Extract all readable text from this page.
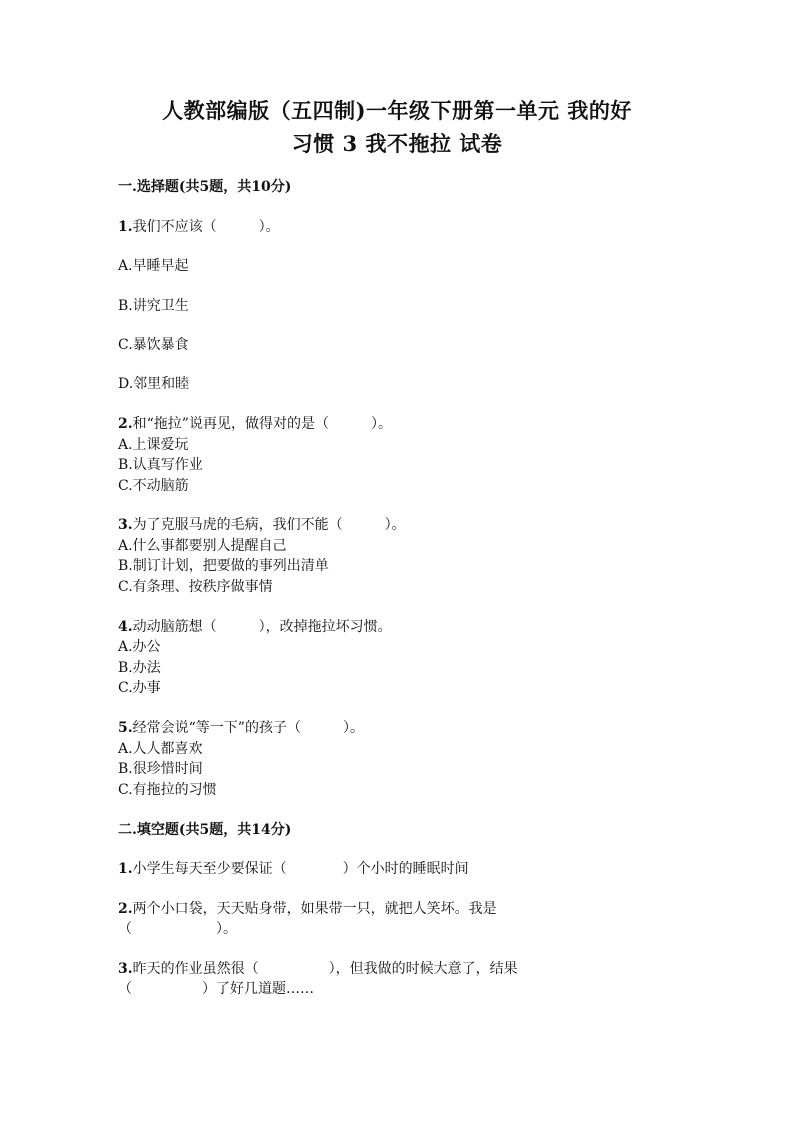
人教部编版（五四制)一年级下册第一单元 我的好
习惯 3 我不拖拉 试卷
一.选择题(共5题，共10分)
1.我们不应该（　　　）。
A.早睡早起
B.讲究卫生
C.暴饮暴食
D.邻里和睦
2.和“拖拉”说再见，做得对的是（　　　）。
A.上课爱玩
B.认真写作业
C.不动脑筋
3.为了克服马虎的毛病，我们不能（　　　）。
A.什么事都要别人提醒自己
B.制订计划，把要做的事列出清单
C.有条理、按秩序做事情
4.动动脑筋想（　　　），改掉拖拉坏习惯。
A.办公
B.办法
C.办事
5.经常会说“等一下”的孩子（　　　）。
A.人人都喜欢
B.很珍惜时间
C.有拖拉的习惯
二.填空题(共5题，共14分)
1.小学生每天至少要保证（　　　　）个小时的睡眠时间
2.两个小口袋，天天贴身带，如果带一只，就把人笑坏。我是
（　　　　　　）。
3.昨天的作业虽然很（　　　　　），但我做的时候大意了，结果
（　　　　　）了好几道题……
